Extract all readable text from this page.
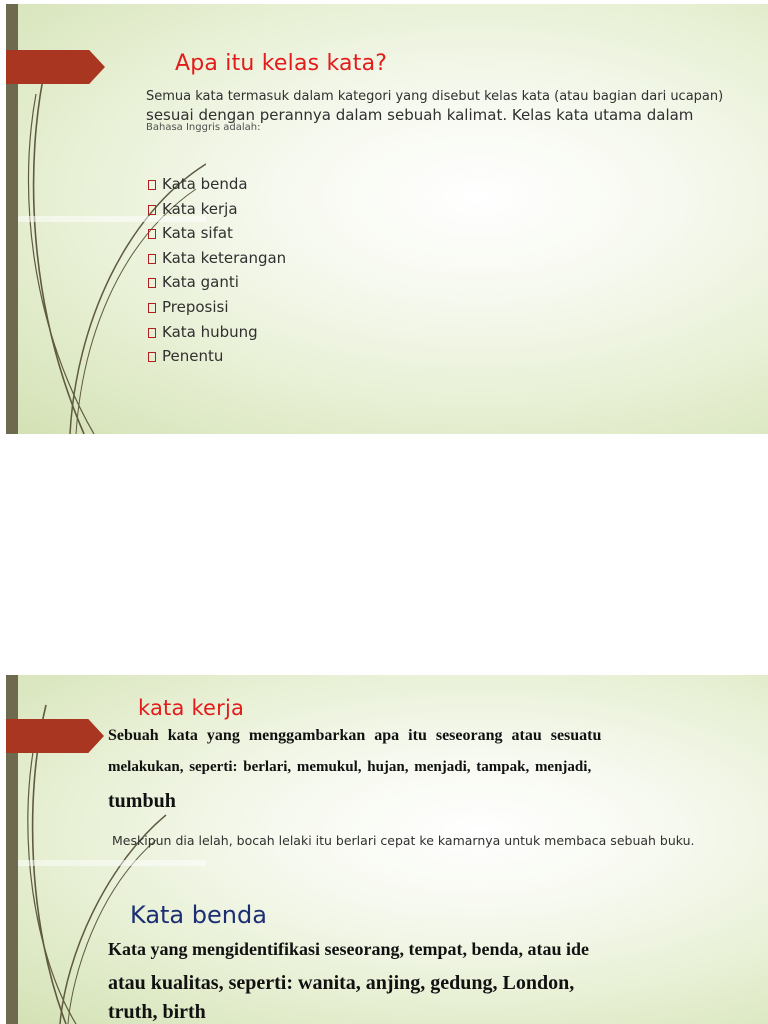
Apa itu kelas kata?
Semua kata termasuk dalam kategori yang disebut kelas kata (atau bagian dari ucapan)
sesuai dengan perannya dalam sebuah kalimat. Kelas kata utama dalam
Bahasa Inggris adalah:
Kata benda
Kata kerja
Kata sifat
Kata keterangan
Kata ganti
Preposisi
Kata hubung
Penentu
kata kerja
Sebuah kata yang menggambarkan apa itu seseorang atau sesuatu
melakukan, seperti: berlari, memukul, hujan, menjadi, tampak, menjadi,
tumbuh
Meskipun dia lelah, bocah lelaki itu berlari cepat ke kamarnya untuk membaca sebuah buku.
Kata benda
Kata yang mengidentifikasi seseorang, tempat, benda, atau ide
atau kualitas, seperti: wanita, anjing, gedung, London,
truth, birth
